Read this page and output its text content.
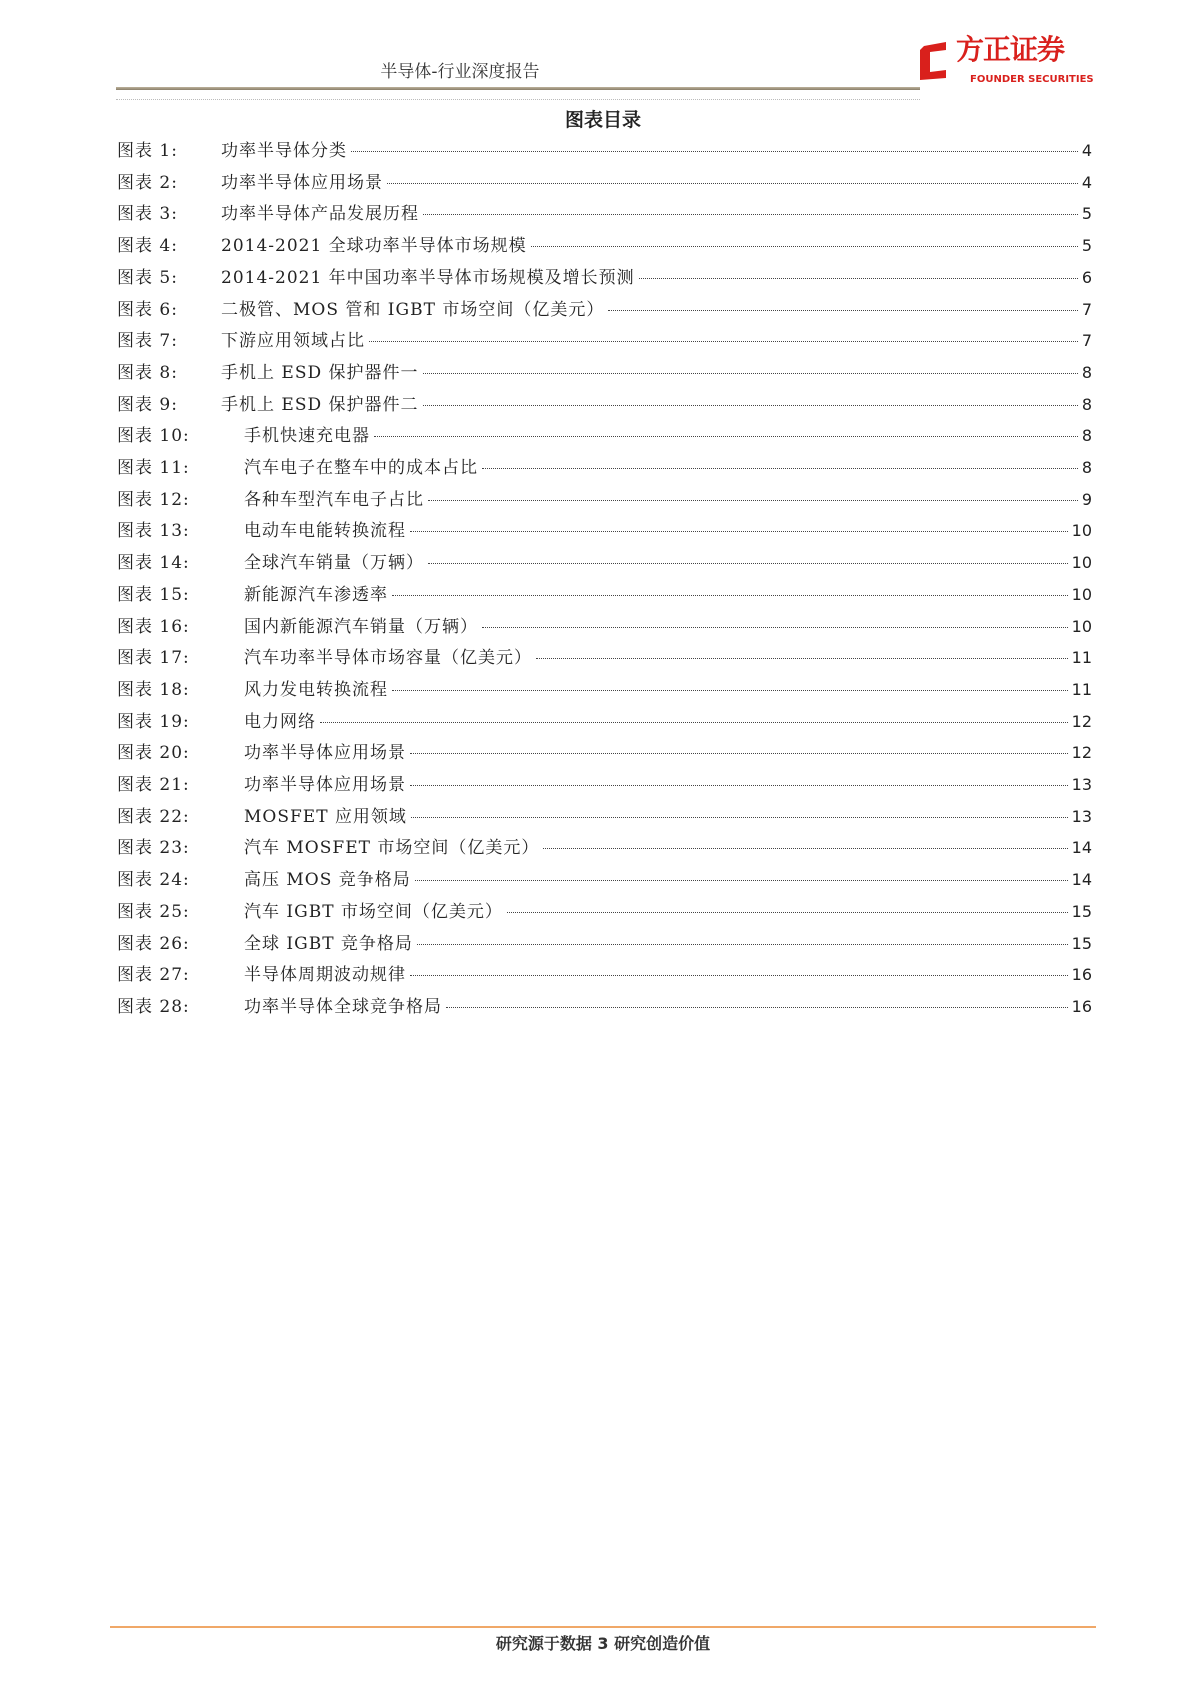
半导体-行业深度报告
方正证券
FOUNDER SECURITIES
图表目录
图表 1:	功率半导体分类	4
图表 2:	功率半导体应用场景	4
图表 3:	功率半导体产品发展历程	5
图表 4:	2014-2021 全球功率半导体市场规模	5
图表 5:	2014-2021 年中国功率半导体市场规模及增长预测	6
图表 6:	二极管、MOS 管和 IGBT 市场空间（亿美元）	7
图表 7:	下游应用领域占比	7
图表 8:	手机上 ESD 保护器件一	8
图表 9:	手机上 ESD 保护器件二	8
图表 10:	手机快速充电器	8
图表 11:	汽车电子在整车中的成本占比	8
图表 12:	各种车型汽车电子占比	9
图表 13:	电动车电能转换流程	10
图表 14:	全球汽车销量（万辆）	10
图表 15:	新能源汽车渗透率	10
图表 16:	国内新能源汽车销量（万辆）	10
图表 17:	汽车功率半导体市场容量（亿美元）	11
图表 18:	风力发电转换流程	11
图表 19:	电力网络	12
图表 20:	功率半导体应用场景	12
图表 21:	功率半导体应用场景	13
图表 22:	MOSFET 应用领域	13
图表 23:	汽车 MOSFET 市场空间（亿美元）	14
图表 24:	高压 MOS 竞争格局	14
图表 25:	汽车 IGBT 市场空间（亿美元）	15
图表 26:	全球 IGBT 竞争格局	15
图表 27:	半导体周期波动规律	16
图表 28:	功率半导体全球竞争格局	16
研究源于数据 3 研究创造价值
